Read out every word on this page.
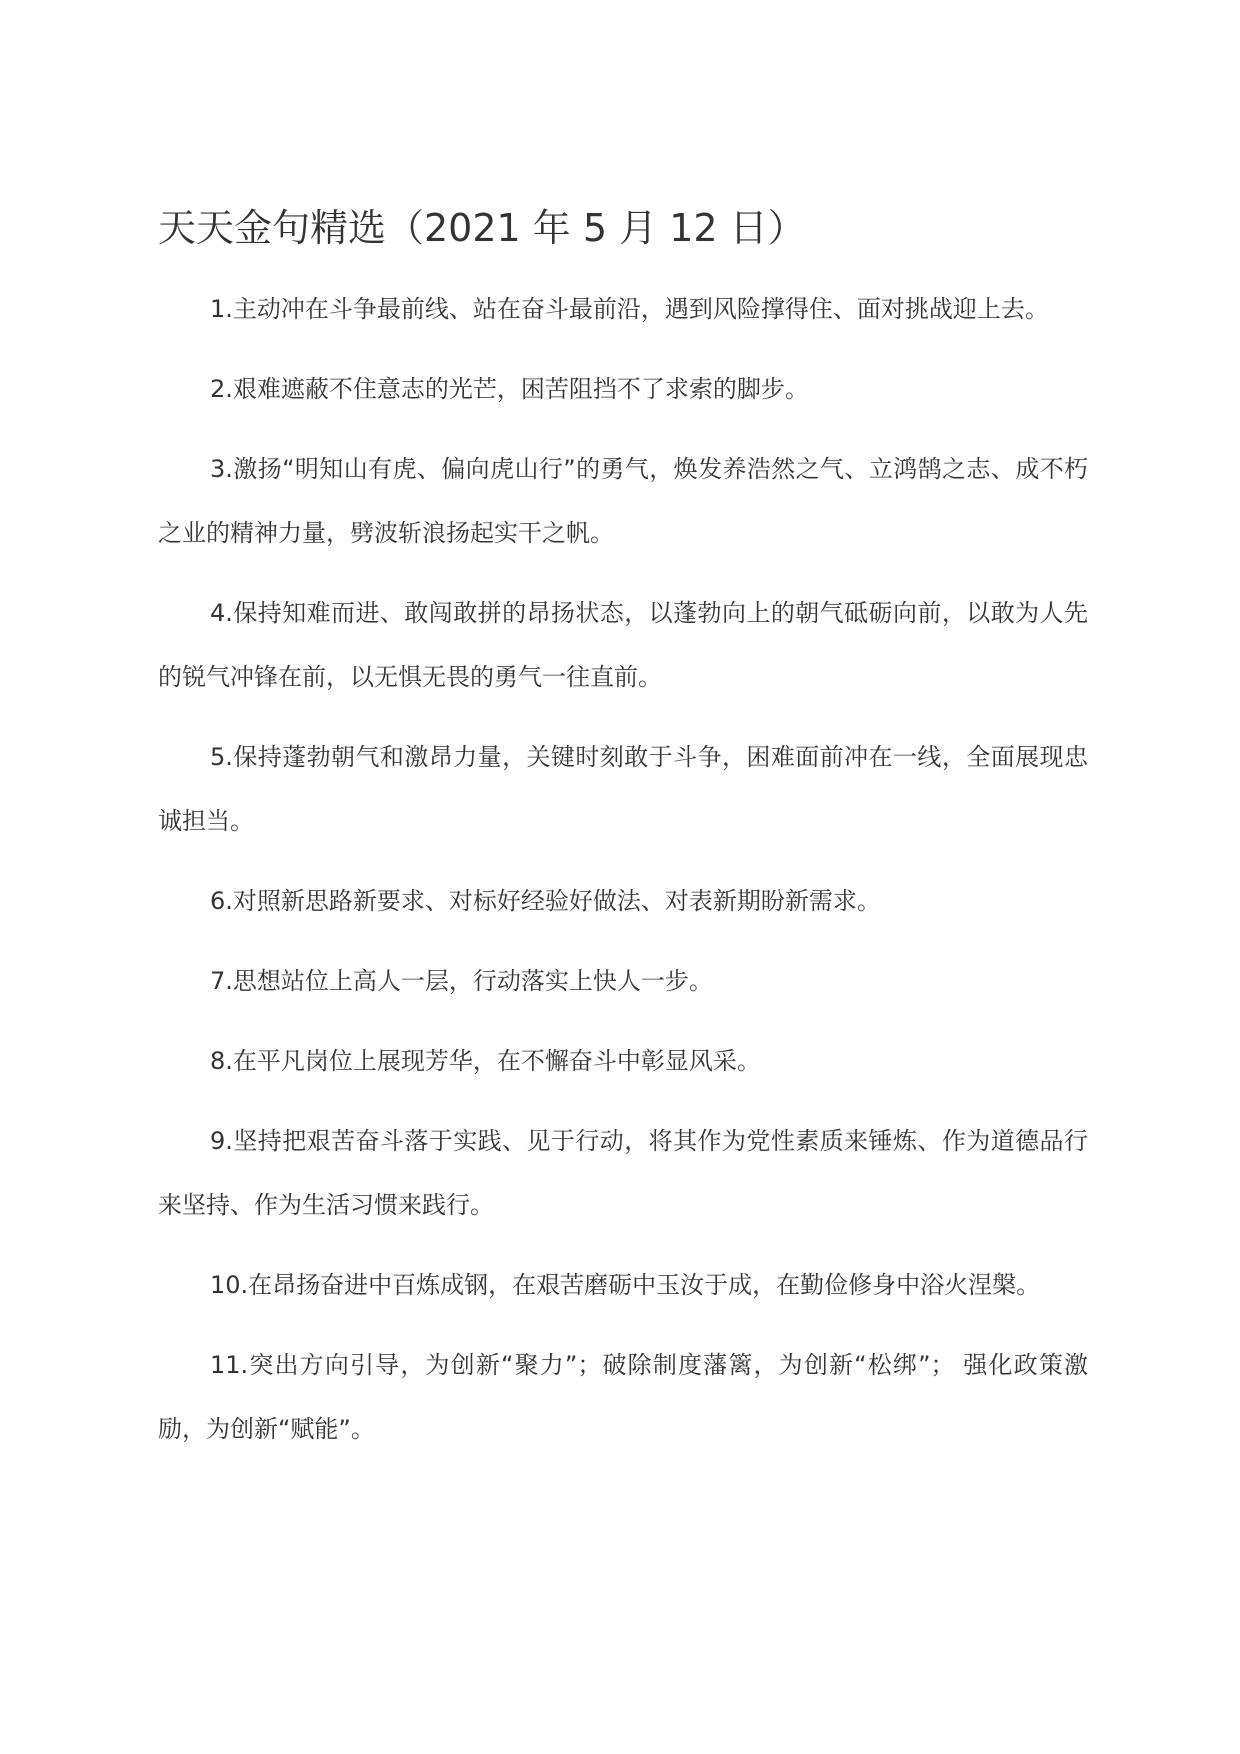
天天金句精选（2021 年 5 月 12 日）
1.主动冲在斗争最前线、站在奋斗最前沿，遇到风险撑得住、面对挑战迎上去。
2.艰难遮蔽不住意志的光芒，困苦阻挡不了求索的脚步。
3.激扬“明知山有虎、偏向虎山行”的勇气，焕发养浩然之气、立鸿鹄之志、成不朽之业的精神力量，劈波斩浪扬起实干之帆。
4.保持知难而进、敢闯敢拼的昂扬状态，以蓬勃向上的朝气砥砺向前，以敢为人先的锐气冲锋在前，以无惧无畏的勇气一往直前。
5.保持蓬勃朝气和激昂力量，关键时刻敢于斗争，困难面前冲在一线，全面展现忠诚担当。
6.对照新思路新要求、对标好经验好做法、对表新期盼新需求。
7.思想站位上高人一层，行动落实上快人一步。
8.在平凡岗位上展现芳华，在不懈奋斗中彰显风采。
9.坚持把艰苦奋斗落于实践、见于行动，将其作为党性素质来锤炼、作为道德品行来坚持、作为生活习惯来践行。
10.在昂扬奋进中百炼成钢，在艰苦磨砺中玉汝于成，在勤俭修身中浴火涅槃。
11.突出方向引导，为创新“聚力”；破除制度藩篱，为创新“松绑”； 强化政策激励，为创新“赋能”。
